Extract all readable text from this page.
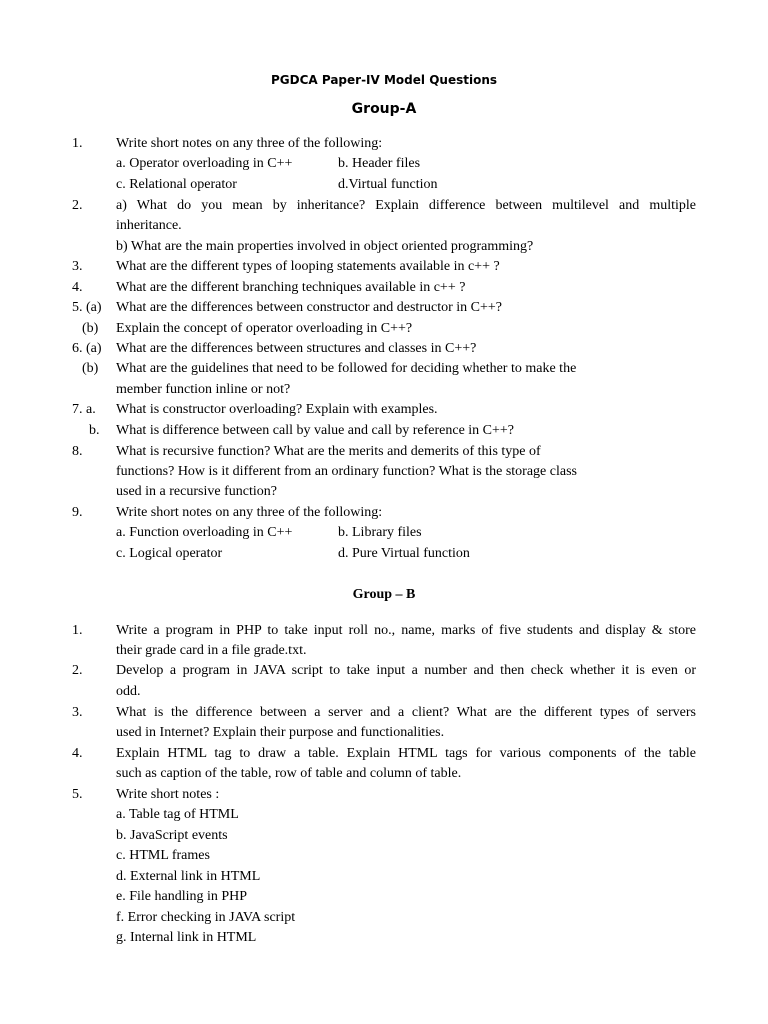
PGDCA Paper-IV Model Questions
Group-A
1. Write short notes on any three of the following:
a. Operator overloading in C++	b. Header files
c. Relational operator	d.Virtual function
2. a) What do you mean by inheritance? Explain difference between multilevel and multiple
inheritance.
b) What are the main properties involved in object oriented programming?
3. What are the different types of looping statements available in c++ ?
4. What are the different branching techniques available in c++ ?
5. (a) What are the differences between constructor and destructor in C++?
(b) Explain the concept of operator overloading in C++?
6. (a) What are the differences between structures and classes in C++?
(b) What are the guidelines that need to be followed for deciding whether to make the
member function inline or not?
7. a. What is constructor overloading? Explain with examples.
b. What is difference between call by value and call by reference in C++?
8. What is recursive function? What are the merits and demerits of this type of
functions? How is it different from an ordinary function? What is the storage class
used in a recursive function?
9. Write short notes on any three of the following:
a. Function overloading in C++	b. Library files
c. Logical operator	d. Pure Virtual function
Group – B
1. Write a program in PHP to take input roll no., name, marks of five students and display & store
their grade card in a file grade.txt.
2. Develop a program in JAVA script to take input a number and then check whether it is even or
odd.
3. What is the difference between a server and a client? What are the different types of servers
used in Internet? Explain their purpose and functionalities.
4. Explain HTML tag to draw a table. Explain HTML tags for various components of the table
such as caption of the table, row of table and column of table.
5. Write short notes :
a. Table tag of HTML
b. JavaScript events
c. HTML frames
d. External link in HTML
e. File handling in PHP
f. Error checking in JAVA script
g. Internal link in HTML
